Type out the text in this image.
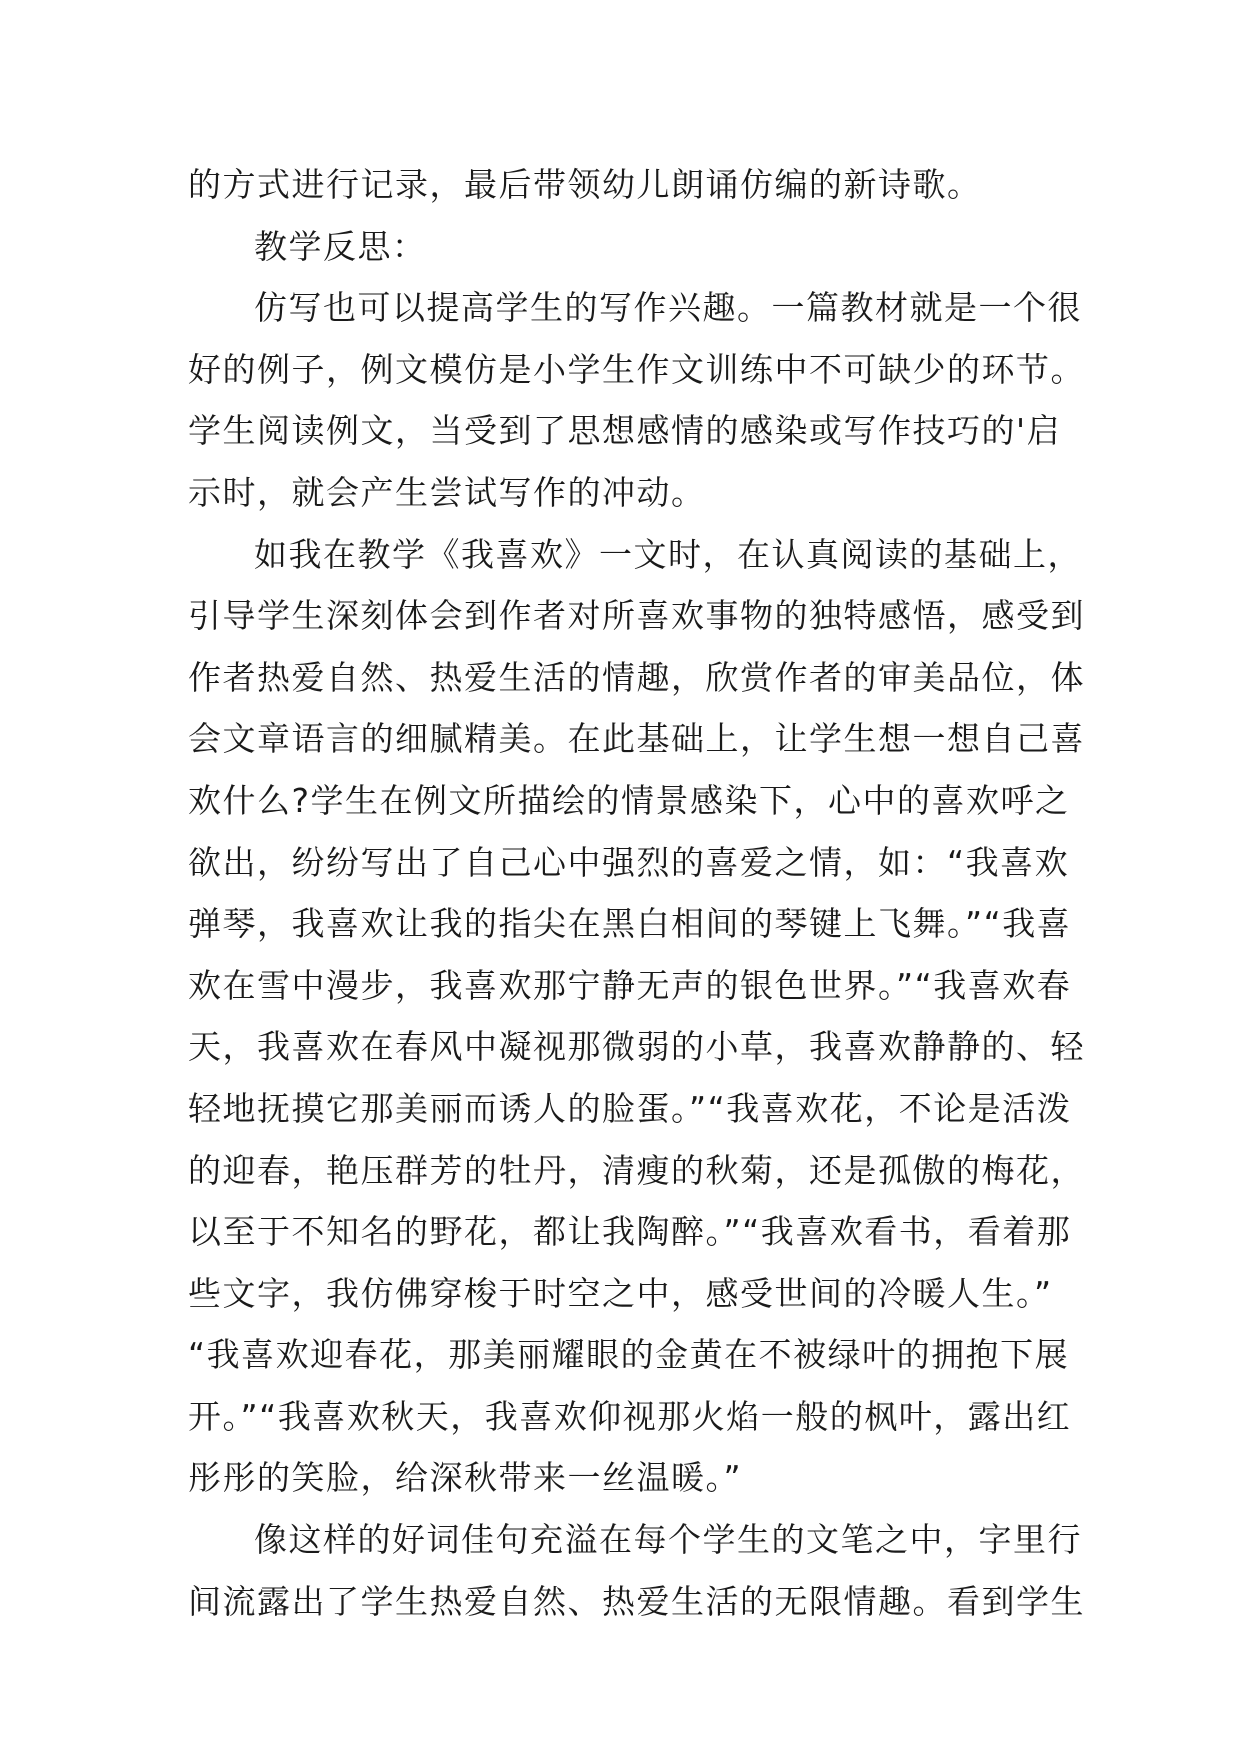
的方式进行记录，最后带领幼儿朗诵仿编的新诗歌。
教学反思：
仿写也可以提高学生的写作兴趣。一篇教材就是一个很
好的例子，例文模仿是小学生作文训练中不可缺少的环节。
学生阅读例文，当受到了思想感情的感染或写作技巧的'启
示时，就会产生尝试写作的冲动。
如我在教学《我喜欢》一文时，在认真阅读的基础上，
引导学生深刻体会到作者对所喜欢事物的独特感悟，感受到
作者热爱自然、热爱生活的情趣，欣赏作者的审美品位，体
会文章语言的细腻精美。在此基础上，让学生想一想自己喜
欢什么?学生在例文所描绘的情景感染下，心中的喜欢呼之
欲出，纷纷写出了自己心中强烈的喜爱之情，如：“我喜欢
弹琴，我喜欢让我的指尖在黑白相间的琴键上飞舞。”“我喜
欢在雪中漫步，我喜欢那宁静无声的银色世界。”“我喜欢春
天，我喜欢在春风中凝视那微弱的小草，我喜欢静静的、轻
轻地抚摸它那美丽而诱人的脸蛋。”“我喜欢花，不论是活泼
的迎春，艳压群芳的牡丹，清瘦的秋菊，还是孤傲的梅花，
以至于不知名的野花，都让我陶醉。”“我喜欢看书，看着那
些文字，我仿佛穿梭于时空之中，感受世间的冷暖人生。”
“我喜欢迎春花，那美丽耀眼的金黄在不被绿叶的拥抱下展
开。”“我喜欢秋天，我喜欢仰视那火焰一般的枫叶，露出红
彤彤的笑脸，给深秋带来一丝温暖。”
像这样的好词佳句充溢在每个学生的文笔之中，字里行
间流露出了学生热爱自然、热爱生活的无限情趣。看到学生
